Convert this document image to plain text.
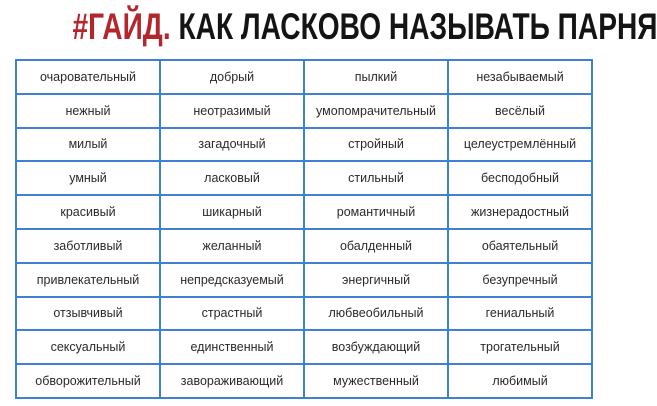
#ГАЙД. КАК ЛАСКОВО НАЗЫВАТЬ ПАРНЯ
очаровательный	добрый	пылкий	незабываемый
нежный	неотразимый	умопомрачительный	весёлый
милый	загадочный	стройный	целеустремлённый
умный	ласковый	стильный	бесподобный
красивый	шикарный	романтичный	жизнерадостный
заботливый	желанный	обалденный	обаятельный
привлекательный	непредсказуемый	энергичный	безупречный
отзывчивый	страстный	любвеобильный	гениальный
сексуальный	единственный	возбуждающий	трогательный
обворожительный	завораживающий	мужественный	любимый
